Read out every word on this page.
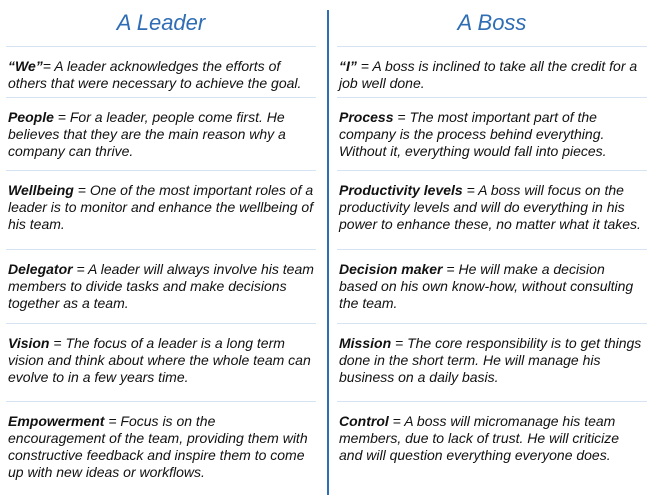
A Leader
“We”= A leader acknowledges the efforts of others that were necessary to achieve the goal.
People = For a leader, people come first. He believes that they are the main reason why a company can thrive.
Wellbeing = One of the most important roles of a leader is to monitor and enhance the wellbeing of his team.
Delegator = A leader will always involve his team members to divide tasks and make decisions together as a team.
Vision = The focus of a leader is a long term vision and think about where the whole team can evolve to in a few years time.
Empowerment = Focus is on the encouragement of the team, providing them with constructive feedback and inspire them to come up with new ideas or workflows.
A Boss
“I” = A boss is inclined to take all the credit for a job well done.
Process = The most important part of the company is the process behind everything. Without it, everything would fall into pieces.
Productivity levels = A boss will focus on the productivity levels and will do everything in his power to enhance these, no matter what it takes.
Decision maker = He will make a decision based on his own know-how, without consulting the team.
Mission = The core responsibility is to get things done in the short term. He will manage his business on a daily basis.
Control = A boss will micromanage his team members, due to lack of trust. He will criticize and will question everything everyone does.
